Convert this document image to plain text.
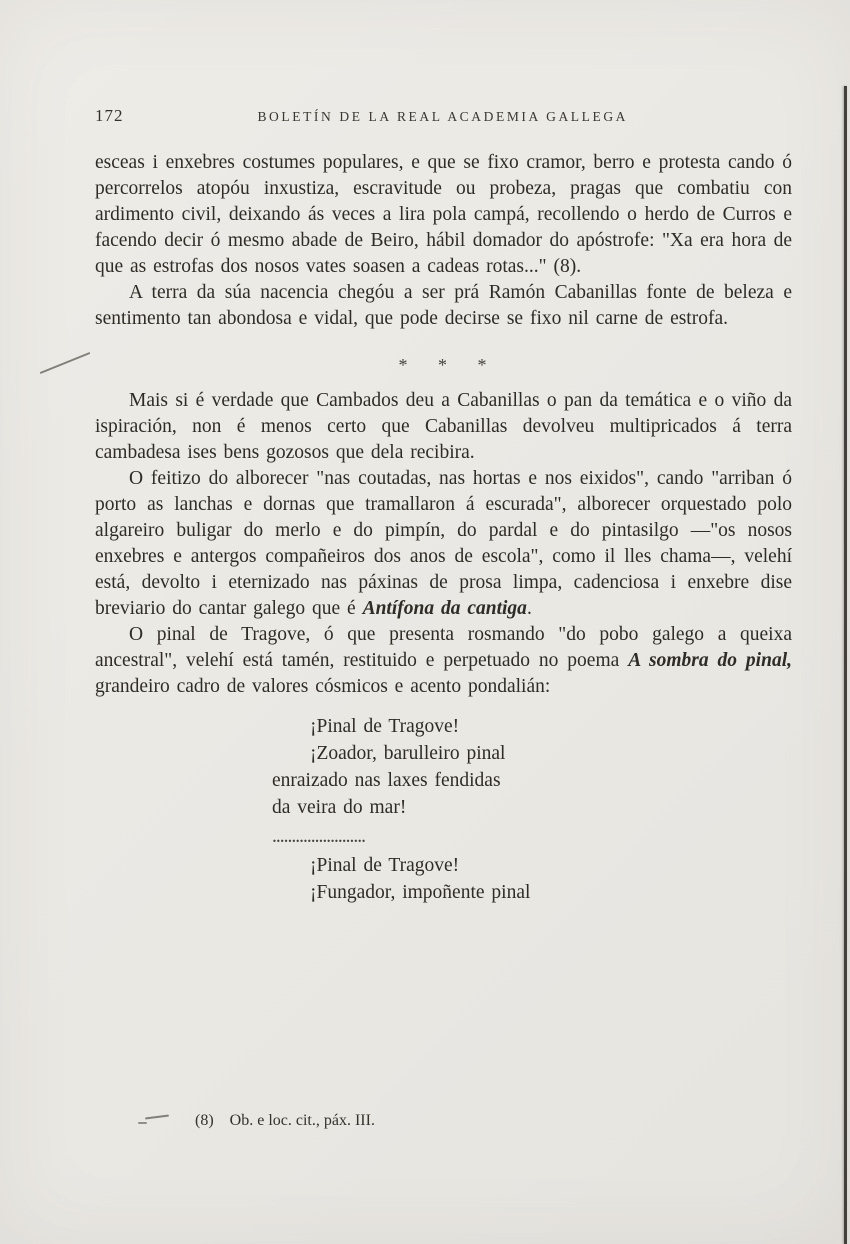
172	BOLETÍN DE LA REAL ACADEMIA GALLEGA

esceas i enxebres costumes populares, e que se fixo cramor, berro e protesta cando ó percorrelos atopóu inxustiza, escravitude ou probeza, pragas que combatiu con ardimento civil, deixando ás veces a lira pola campá, recollendo o herdo de Curros e facendo decir ó mesmo abade de Beiro, hábil domador do apóstrofe: "Xa era hora de que as estrofas dos nosos vates soasen a cadeas rotas..." (8).

A terra da súa nacencia chegóu a ser prá Ramón Cabanillas fonte de beleza e sentimento tan abondosa e vidal, que pode decirse se fixo nil carne de estrofa.

* * *

Mais si é verdade que Cambados deu a Cabanillas o pan da temática e o viño da ispiración, non é menos certo que Cabanillas devolveu multipricados á terra cambadesa ises bens gozosos que dela recibira.

O feitizo do alborecer "nas coutadas, nas hortas e nos eixidos", cando "arriban ó porto as lanchas e dornas que tramallaron á escurada", alborecer orquestado polo algareiro buligar do merlo e do pimpín, do pardal e do pintasilgo —"os nosos enxebres e antergos compañeiros dos anos de escola", como il lles chama—, velehí está, devolto i eternizado nas páxinas de prosa limpa, cadenciosa i enxebre dise breviario do cantar galego que é Antífona da cantiga.

O pinal de Tragove, ó que presenta rosmando "do pobo galego a queixa ancestral", velehí está tamén, restituido e perpetuado no poema A sombra do pinal, grandeiro cadro de valores cósmicos e acento pondalián:

¡Pinal de Tragove!
¡Zoador, barulleiro pinal
enraizado nas laxes fendidas
da veira do mar!
........................
¡Pinal de Tragove!
¡Fungador, impoñente pinal
(8) Ob. e loc. cit., páx. III.
